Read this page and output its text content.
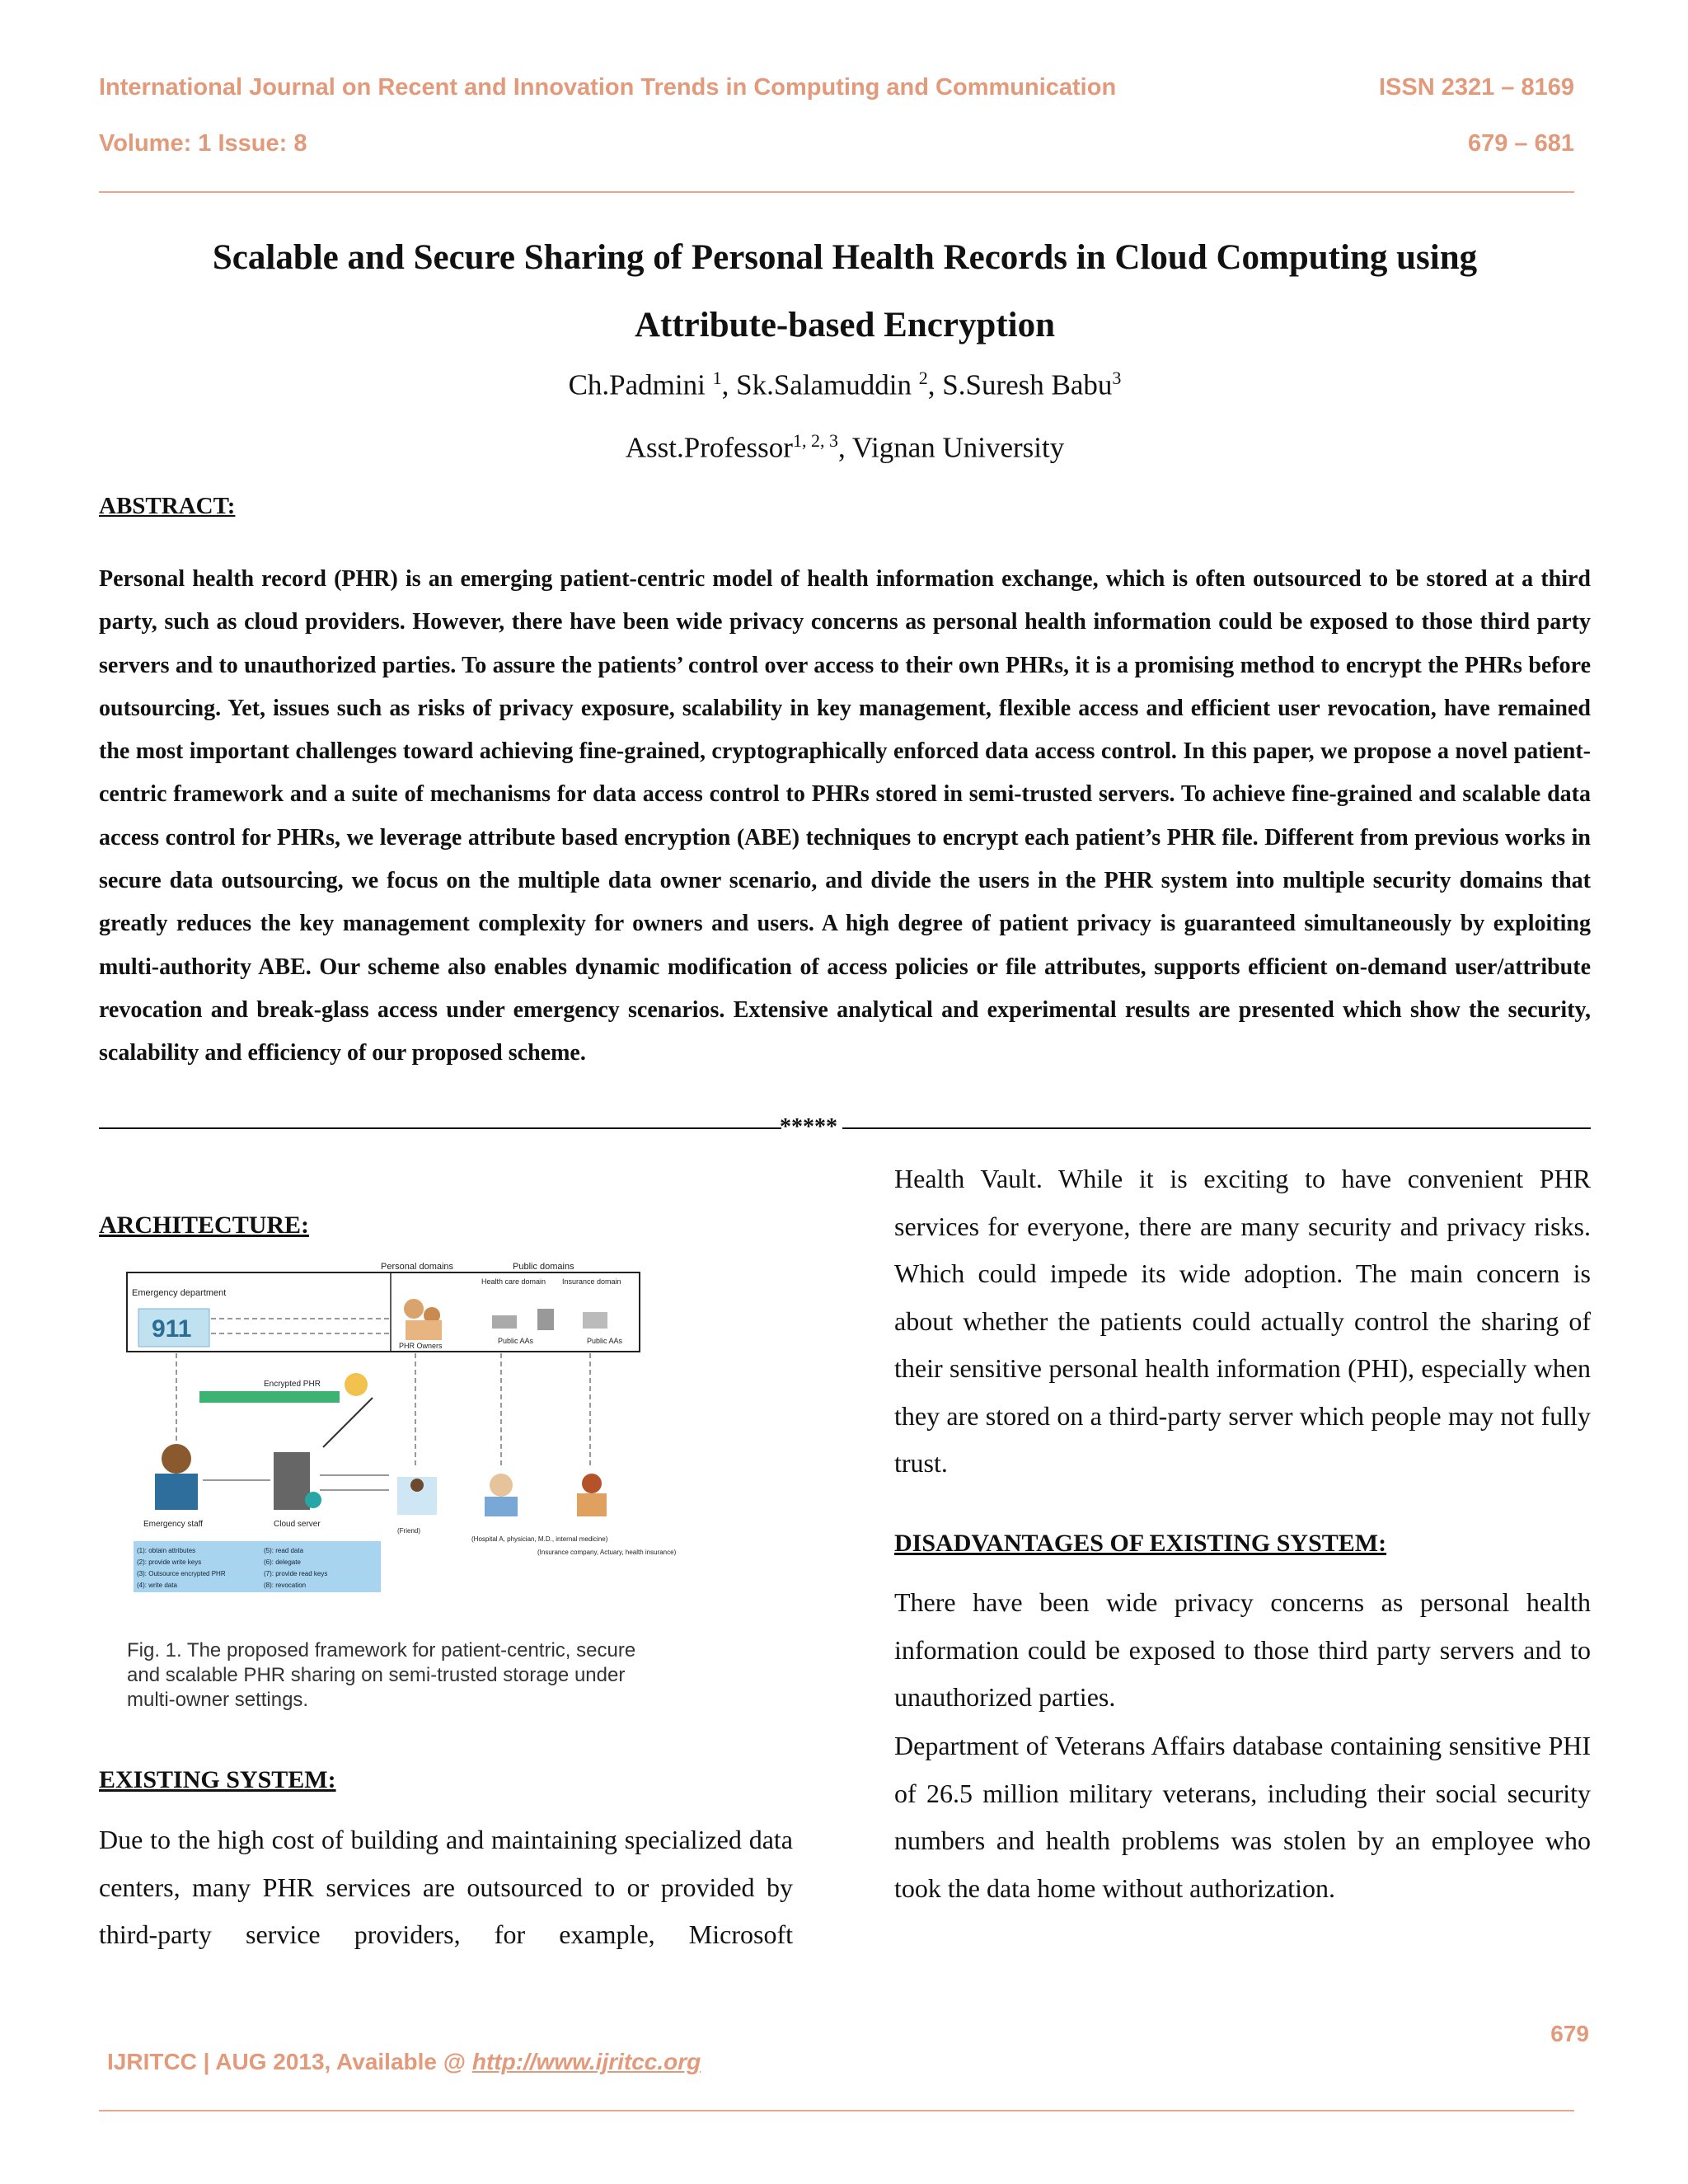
International Journal on Recent and Innovation Trends in Computing and Communication	ISSN 2321 – 8169
Volume: 1 Issue: 8	679 – 681
Scalable and Secure Sharing of Personal Health Records in Cloud Computing using
Attribute-based Encryption
Ch.Padmini $^1$, Sk.Salamuddin $^2$, S.Suresh Babu$^3$
Asst.Professor$^{1, 2, 3}$, Vignan University
ABSTRACT:

Personal health record (PHR) is an emerging patient-centric model of health information exchange, which is often outsourced to be stored at a third party, such as cloud providers. However, there have been wide privacy concerns as personal health information could be exposed to those third party servers and to unauthorized parties. To assure the patients’ control over access to their own PHRs, it is a promising method to encrypt the PHRs before outsourcing. Yet, issues such as risks of privacy exposure, scalability in key management, flexible access and efficient user revocation, have remained the most important challenges toward achieving fine-grained, cryptographically enforced data access control. In this paper, we propose a novel patient-centric framework and a suite of mechanisms for data access control to PHRs stored in semi-trusted servers. To achieve fine-grained and scalable data access control for PHRs, we leverage attribute based encryption (ABE) techniques to encrypt each patient’s PHR file. Different from previous works in secure data outsourcing, we focus on the multiple data owner scenario, and divide the users in the PHR system into multiple security domains that greatly reduces the key management complexity for owners and users. A high degree of patient privacy is guaranteed simultaneously by exploiting multi-authority ABE. Our scheme also enables dynamic modification of access policies or file attributes, supports efficient on-demand user/attribute revocation and break-glass access under emergency scenarios. Extensive analytical and experimental results are presented which show the security, scalability and efficiency of our proposed scheme.

*****
ARCHITECTURE:
Personal domains	Public domains
Health care domain Insurance domain
Emergency department
911
PHR Owners
Public AAs	Public AAs
Encrypted PHR
Emergency staff	Cloud server
(Friend)
(1): obtain attributes
(2): provide write keys
(3): Outsource encrypted PHR
(4): write data
(5): read data
(6): delegate
(7): provide read keys
(8): revocation
(Hospital A, physician, M.D., internal medicine)
(Insurance company, Actuary, health insurance)

Fig. 1. The proposed framework for patient-centric, secure and scalable PHR sharing on semi-trusted storage under multi-owner settings.

EXISTING SYSTEM:

Due to the high cost of building and maintaining specialized data centers, many PHR services are outsourced to or provided by third-party service providers, for example, Microsoft

Health Vault. While it is exciting to have convenient PHR services for everyone, there are many security and privacy risks. Which could impede its wide adoption. The main concern is about whether the patients could actually control the sharing of their sensitive personal health information (PHI), especially when they are stored on a third-party server which people may not fully trust.

DISADVANTAGES OF EXISTING SYSTEM:

There have been wide privacy concerns as personal health information could be exposed to those third party servers and to unauthorized parties.

Department of Veterans Affairs database containing sensitive PHI of 26.5 million military veterans, including their social security numbers and health problems was stolen by an employee who took the data home without authorization.

679
IJRITCC | AUG 2013, Available @ http://www.ijritcc.org
